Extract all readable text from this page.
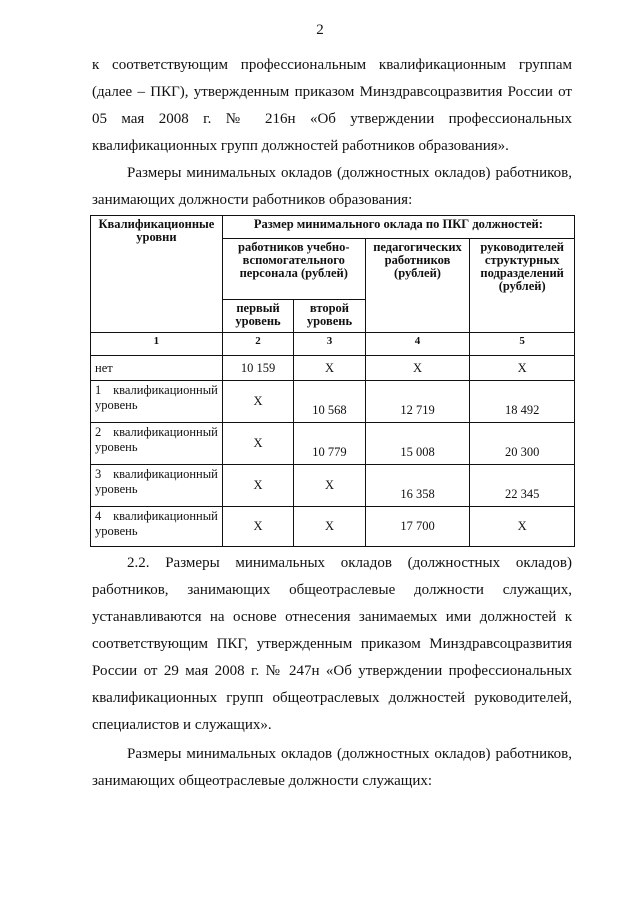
2

к соответствующим профессиональным квалификационным группам (далее – ПКГ), утвержденным приказом Минздравсоцразвития России от 05 мая 2008 г. № 216н «Об утверждении профессиональных квалификационных групп должностей работников образования».

Размеры минимальных окладов (должностных окладов) работников, занимающих должности работников образования:

Квалификационные уровни	Размер минимального оклада по ПКГ должностей:			
	работников учебно-вспомогательного персонала (рублей)		педагогических работников (рублей)	руководителей структурных подразделений (рублей)
	первый уровень	второй уровень		
1	2	3	4	5
нет	10 159	Х	Х	Х
1 квалификационный уровень	Х	10 568	12 719	18 492
2 квалификационный уровень	Х	10 779	15 008	20 300
3 квалификационный уровень	Х	Х	16 358	22 345
4 квалификационный уровень	Х	Х	17 700	Х

2.2. Размеры минимальных окладов (должностных окладов) работников, занимающих общеотраслевые должности служащих, устанавливаются на основе отнесения занимаемых ими должностей к соответствующим ПКГ, утвержденным приказом Минздравсоцразвития России от 29 мая 2008 г. № 247н «Об утверждении профессиональных квалификационных групп общеотраслевых должностей руководителей, специалистов и служащих».

Размеры минимальных окладов (должностных окладов) работников, занимающих общеотраслевые должности служащих:
